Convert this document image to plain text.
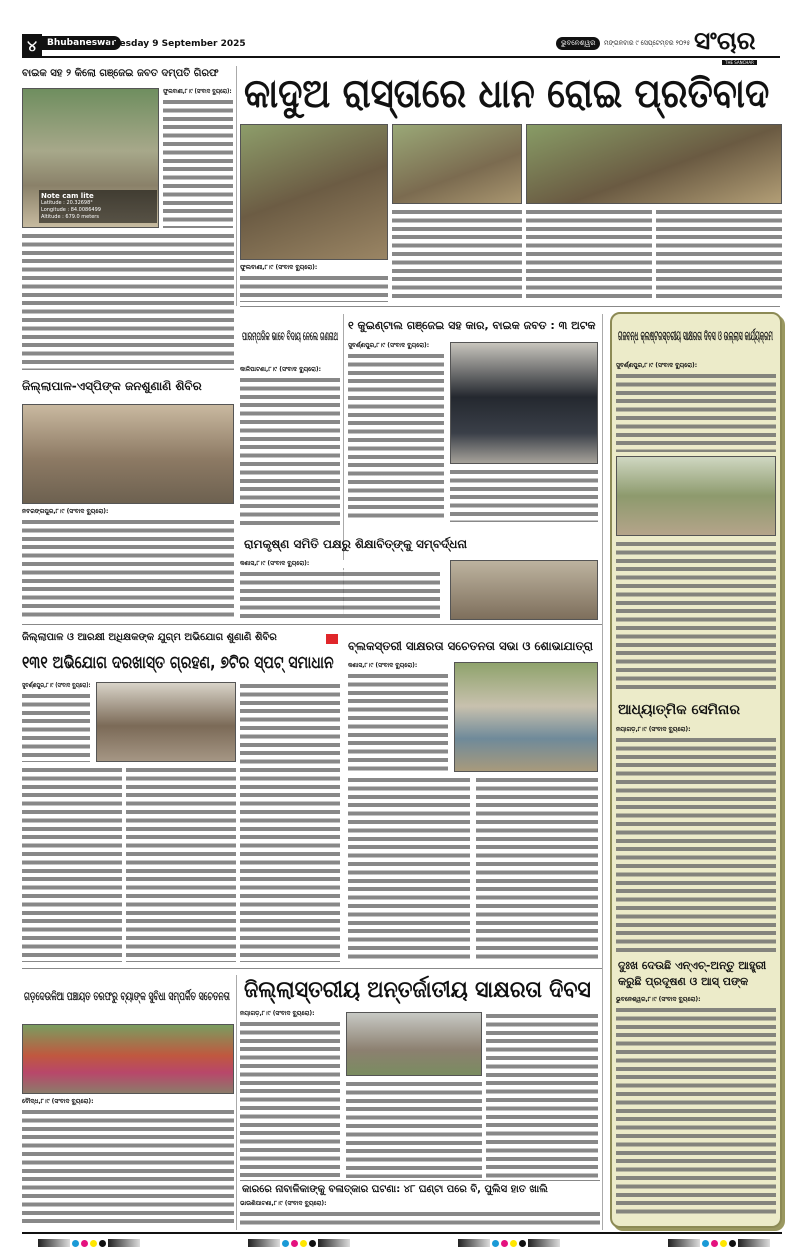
୪	Bhubaneswar
Tuesday 9 September 2025	ଭୁବନେଶ୍ୱର	ମଙ୍ଗଳବାର ୯ ସେପ୍ଟେମ୍ବର ୨୦୨୫ ସଂଚାର
THE SANCHAR
ବାଇକ ସହ ୨ କିଲୋ ଗଞ୍ଜେଇ ଜବତ ଦମ୍ପତି ଗିରଫ
Note cam lite
Latitude : 20.32698°
Longitude : 84.0086499
Altitude : 679.0 meters
ଫୁଲବାଣୀ,୮।୯ (ସଂବାଦ ବ୍ୟୁରୋ): କାଦୁଅ ରାସ୍ତାରେ ଧାନ ରୋଇ ପ୍ରତିବାଦ
ଫୁଲବାଣୀ,୮।୯ (ସଂବାଦ ବ୍ୟୁରୋ):
ଜିଲ୍ଲାପାଳ-ଏସ୍‌ପିଙ୍କ ଜନଶୁଣାଣି ଶିବିର
ନବରଙ୍ଗପୁର,୮।୯ (ସଂବାଦ ବ୍ୟୁରୋ):
ପାରମ୍ପରିକ ଭାବେ ବିଦାୟ ନେଲେ ଗଣନାଥ
କାଳିପାଟଣା,୮।୯ (ସଂବାଦ ବ୍ୟୁରୋ):
୧ କୁଇଣ୍ଟାଲ ଗଞ୍ଜେଇ ସହ କାର, ବାଇକ ଜବତ : ୩ ଅଟକ
ସୁବର୍ଣ୍ଣପୁର,୮।୯ (ସଂବାଦ ବ୍ୟୁରୋ):
ରାମକୃଷ୍ଣ ସମିତି ପକ୍ଷରୁ ଶିକ୍ଷାବିତ୍‌ଙ୍କୁ ସମ୍ବର୍ଦ୍ଧନା
କଣାସ,୮।୯ (ସଂବାଦ ବ୍ୟୁରୋ):
ଗଜବନ୍ଧ କ୍ଲଷ୍ଟରସ୍ତରୀୟ ସାକ୍ଷରତା ଦିବସ ଓ ଉଲ୍ଲାସ କାର୍ଯ୍ୟକ୍ରମ
ସୁବର୍ଣ୍ଣପୁର,୮।୯ (ସଂବାଦ ବ୍ୟୁରୋ):
ଆଧ୍ୟାତ୍ମିକ ସେମିନାର
ନୟାଗଡ଼,୮।୯ (ସଂବାଦ ବ୍ୟୁରୋ):
ଦୁଃଖ ଦେଉଛି ଏନ୍‌ଏଚ୍‌-ଅନ୍ତୁ ଆହ୍ତ୍ରୀ
କରୁଛି ପ୍ରଦୂଷଣ ଓ ଆସ୍ ପଙ୍କ
ଭୁବନେଶ୍ୱର,୮।୯ (ସଂବାଦ ବ୍ୟୁରୋ):
ଜିଲ୍ଲାପାଳ ଓ ଆରକ୍ଷୀ ଅଧିକ୍ଷକଙ୍କ ଯୁଗ୍ମ ଅଭିଯୋଗ ଶୁଣାଣି ଶିବିର
୧୩୧ ଅଭିଯୋଗ ଦରଖାସ୍ତ ଗ୍ରହଣ, ୭ଟିର ସ୍ପଟ୍ ସମାଧାନ
ସୁବର୍ଣ୍ଣପୁର,୮।୯ (ସଂବାଦ ବ୍ୟୁରୋ):
ବ୍ଲକସ୍ତରୀ ସାକ୍ଷରତା ସଚେତନତା ସଭା ଓ ଶୋଭାଯାତ୍ରା
କଣାସ,୮।୯ (ସଂବାଦ ବ୍ୟୁରୋ):
ଗଡ଼ଦେଉଳିଆ ପଞ୍ଚାୟତ ତରଫରୁ ବ୍ୟାଙ୍କ ସୁବିଧା ସମ୍ପର୍କିତ ସଚେତନତା
ବୌଦ୍ଧ,୮।୯ (ସଂବାଦ ବ୍ୟୁରୋ):
ଜିଲ୍ଲାସ୍ତରୀୟ ଅନ୍ତର୍ଜାତୀୟ ସାକ୍ଷରତା ଦିବସ
ନୟାଗଡ଼,୮।୯ (ସଂବାଦ ବ୍ୟୁରୋ):
କାରରେ ନାବାଳିକାଙ୍କୁ ବଳାତ୍କାର ଘଟଣା: ୪୮ ଘଣ୍ଟା ପରେ ବି, ପୁଲିସ ହାତ ଖାଲି
ଭାଉଣିପାଟଣା,୮।୯ (ସଂବାଦ ବ୍ୟୁରୋ):
